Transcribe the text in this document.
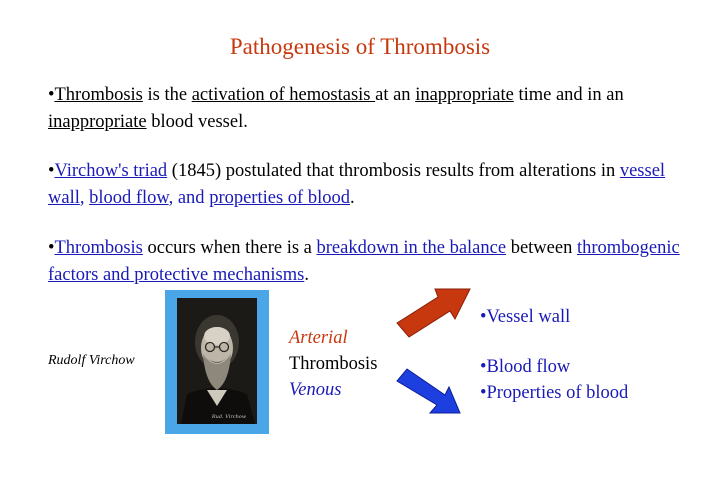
Pathogenesis of Thrombosis
•Thrombosis is the activation of hemostasis at an inappropriate time and in an inappropriate blood vessel.
•Virchow's triad (1845) postulated that thrombosis results from alterations in vessel wall, blood flow, and properties of blood.
•Thrombosis occurs when there is a breakdown in the balance between thrombogenic factors and protective mechanisms.
Rudolf Virchow
Rud. Virchow
Arterial
Thrombosis
Venous
•Vessel wall
•Blood flow
•Properties of blood
